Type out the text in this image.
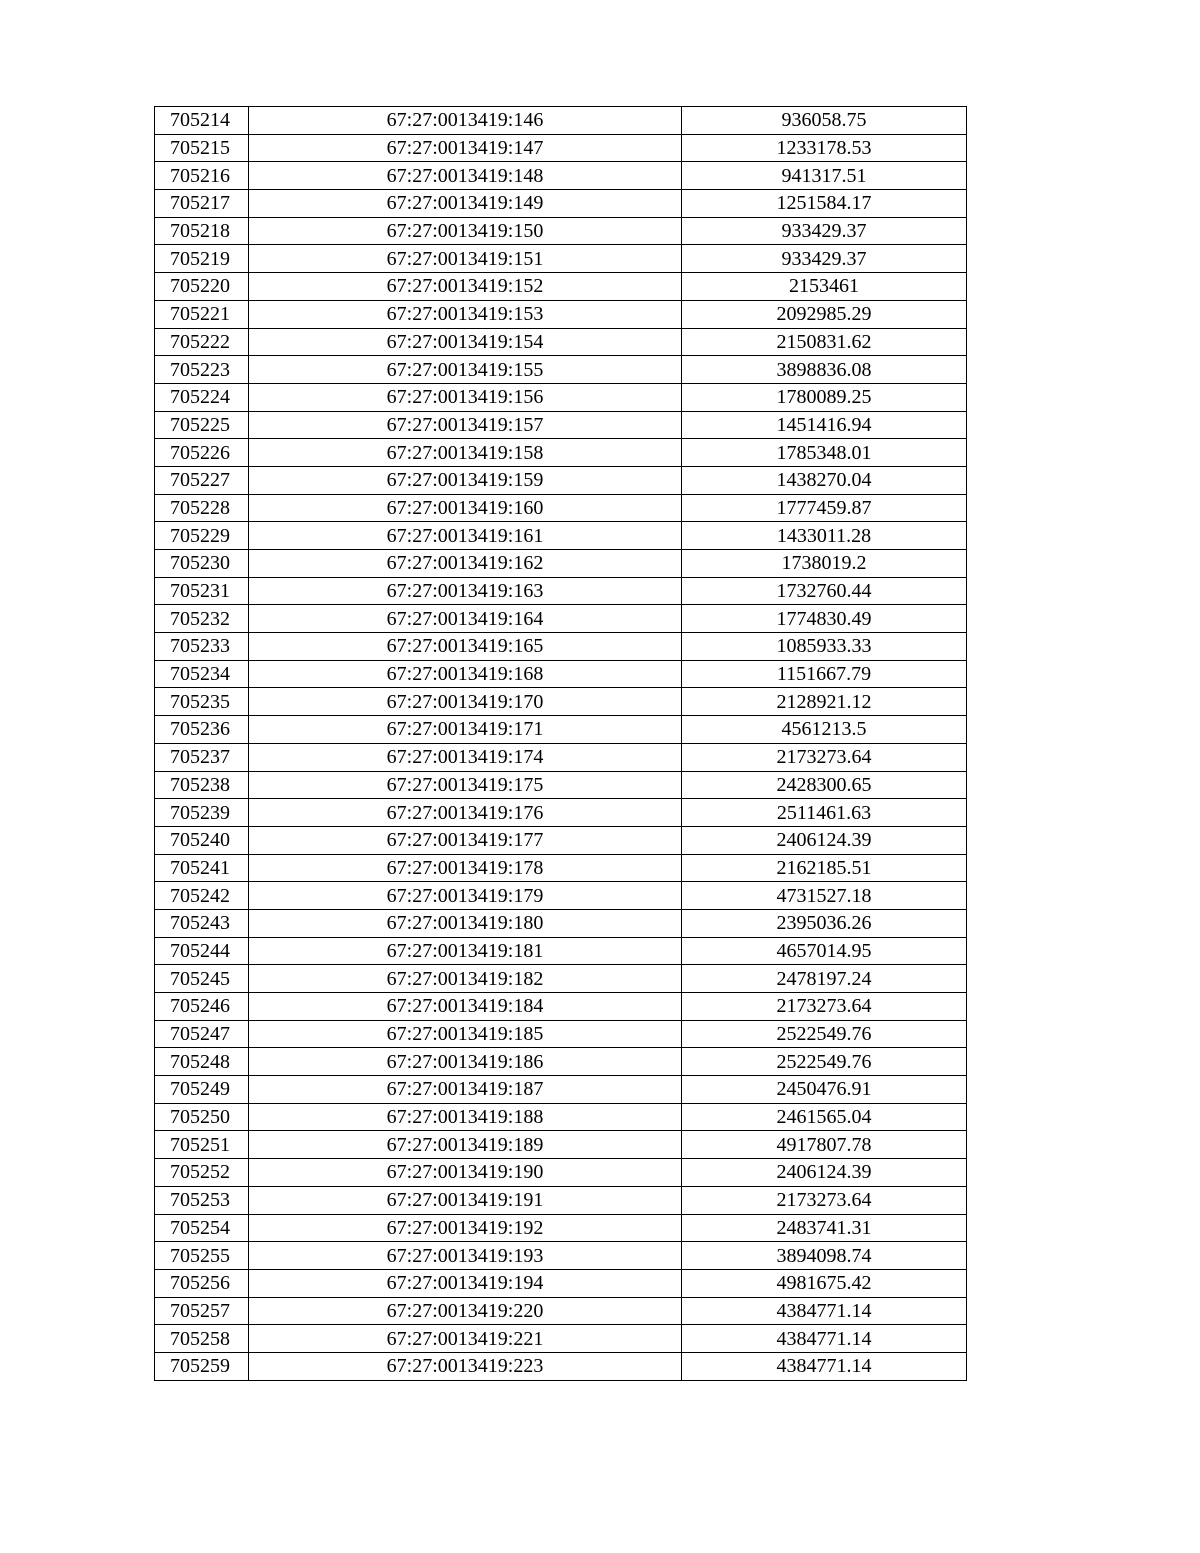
705214	67:27:0013419:146	936058.75
705215	67:27:0013419:147	1233178.53
705216	67:27:0013419:148	941317.51
705217	67:27:0013419:149	1251584.17
705218	67:27:0013419:150	933429.37
705219	67:27:0013419:151	933429.37
705220	67:27:0013419:152	2153461
705221	67:27:0013419:153	2092985.29
705222	67:27:0013419:154	2150831.62
705223	67:27:0013419:155	3898836.08
705224	67:27:0013419:156	1780089.25
705225	67:27:0013419:157	1451416.94
705226	67:27:0013419:158	1785348.01
705227	67:27:0013419:159	1438270.04
705228	67:27:0013419:160	1777459.87
705229	67:27:0013419:161	1433011.28
705230	67:27:0013419:162	1738019.2
705231	67:27:0013419:163	1732760.44
705232	67:27:0013419:164	1774830.49
705233	67:27:0013419:165	1085933.33
705234	67:27:0013419:168	1151667.79
705235	67:27:0013419:170	2128921.12
705236	67:27:0013419:171	4561213.5
705237	67:27:0013419:174	2173273.64
705238	67:27:0013419:175	2428300.65
705239	67:27:0013419:176	2511461.63
705240	67:27:0013419:177	2406124.39
705241	67:27:0013419:178	2162185.51
705242	67:27:0013419:179	4731527.18
705243	67:27:0013419:180	2395036.26
705244	67:27:0013419:181	4657014.95
705245	67:27:0013419:182	2478197.24
705246	67:27:0013419:184	2173273.64
705247	67:27:0013419:185	2522549.76
705248	67:27:0013419:186	2522549.76
705249	67:27:0013419:187	2450476.91
705250	67:27:0013419:188	2461565.04
705251	67:27:0013419:189	4917807.78
705252	67:27:0013419:190	2406124.39
705253	67:27:0013419:191	2173273.64
705254	67:27:0013419:192	2483741.31
705255	67:27:0013419:193	3894098.74
705256	67:27:0013419:194	4981675.42
705257	67:27:0013419:220	4384771.14
705258	67:27:0013419:221	4384771.14
705259	67:27:0013419:223	4384771.14
